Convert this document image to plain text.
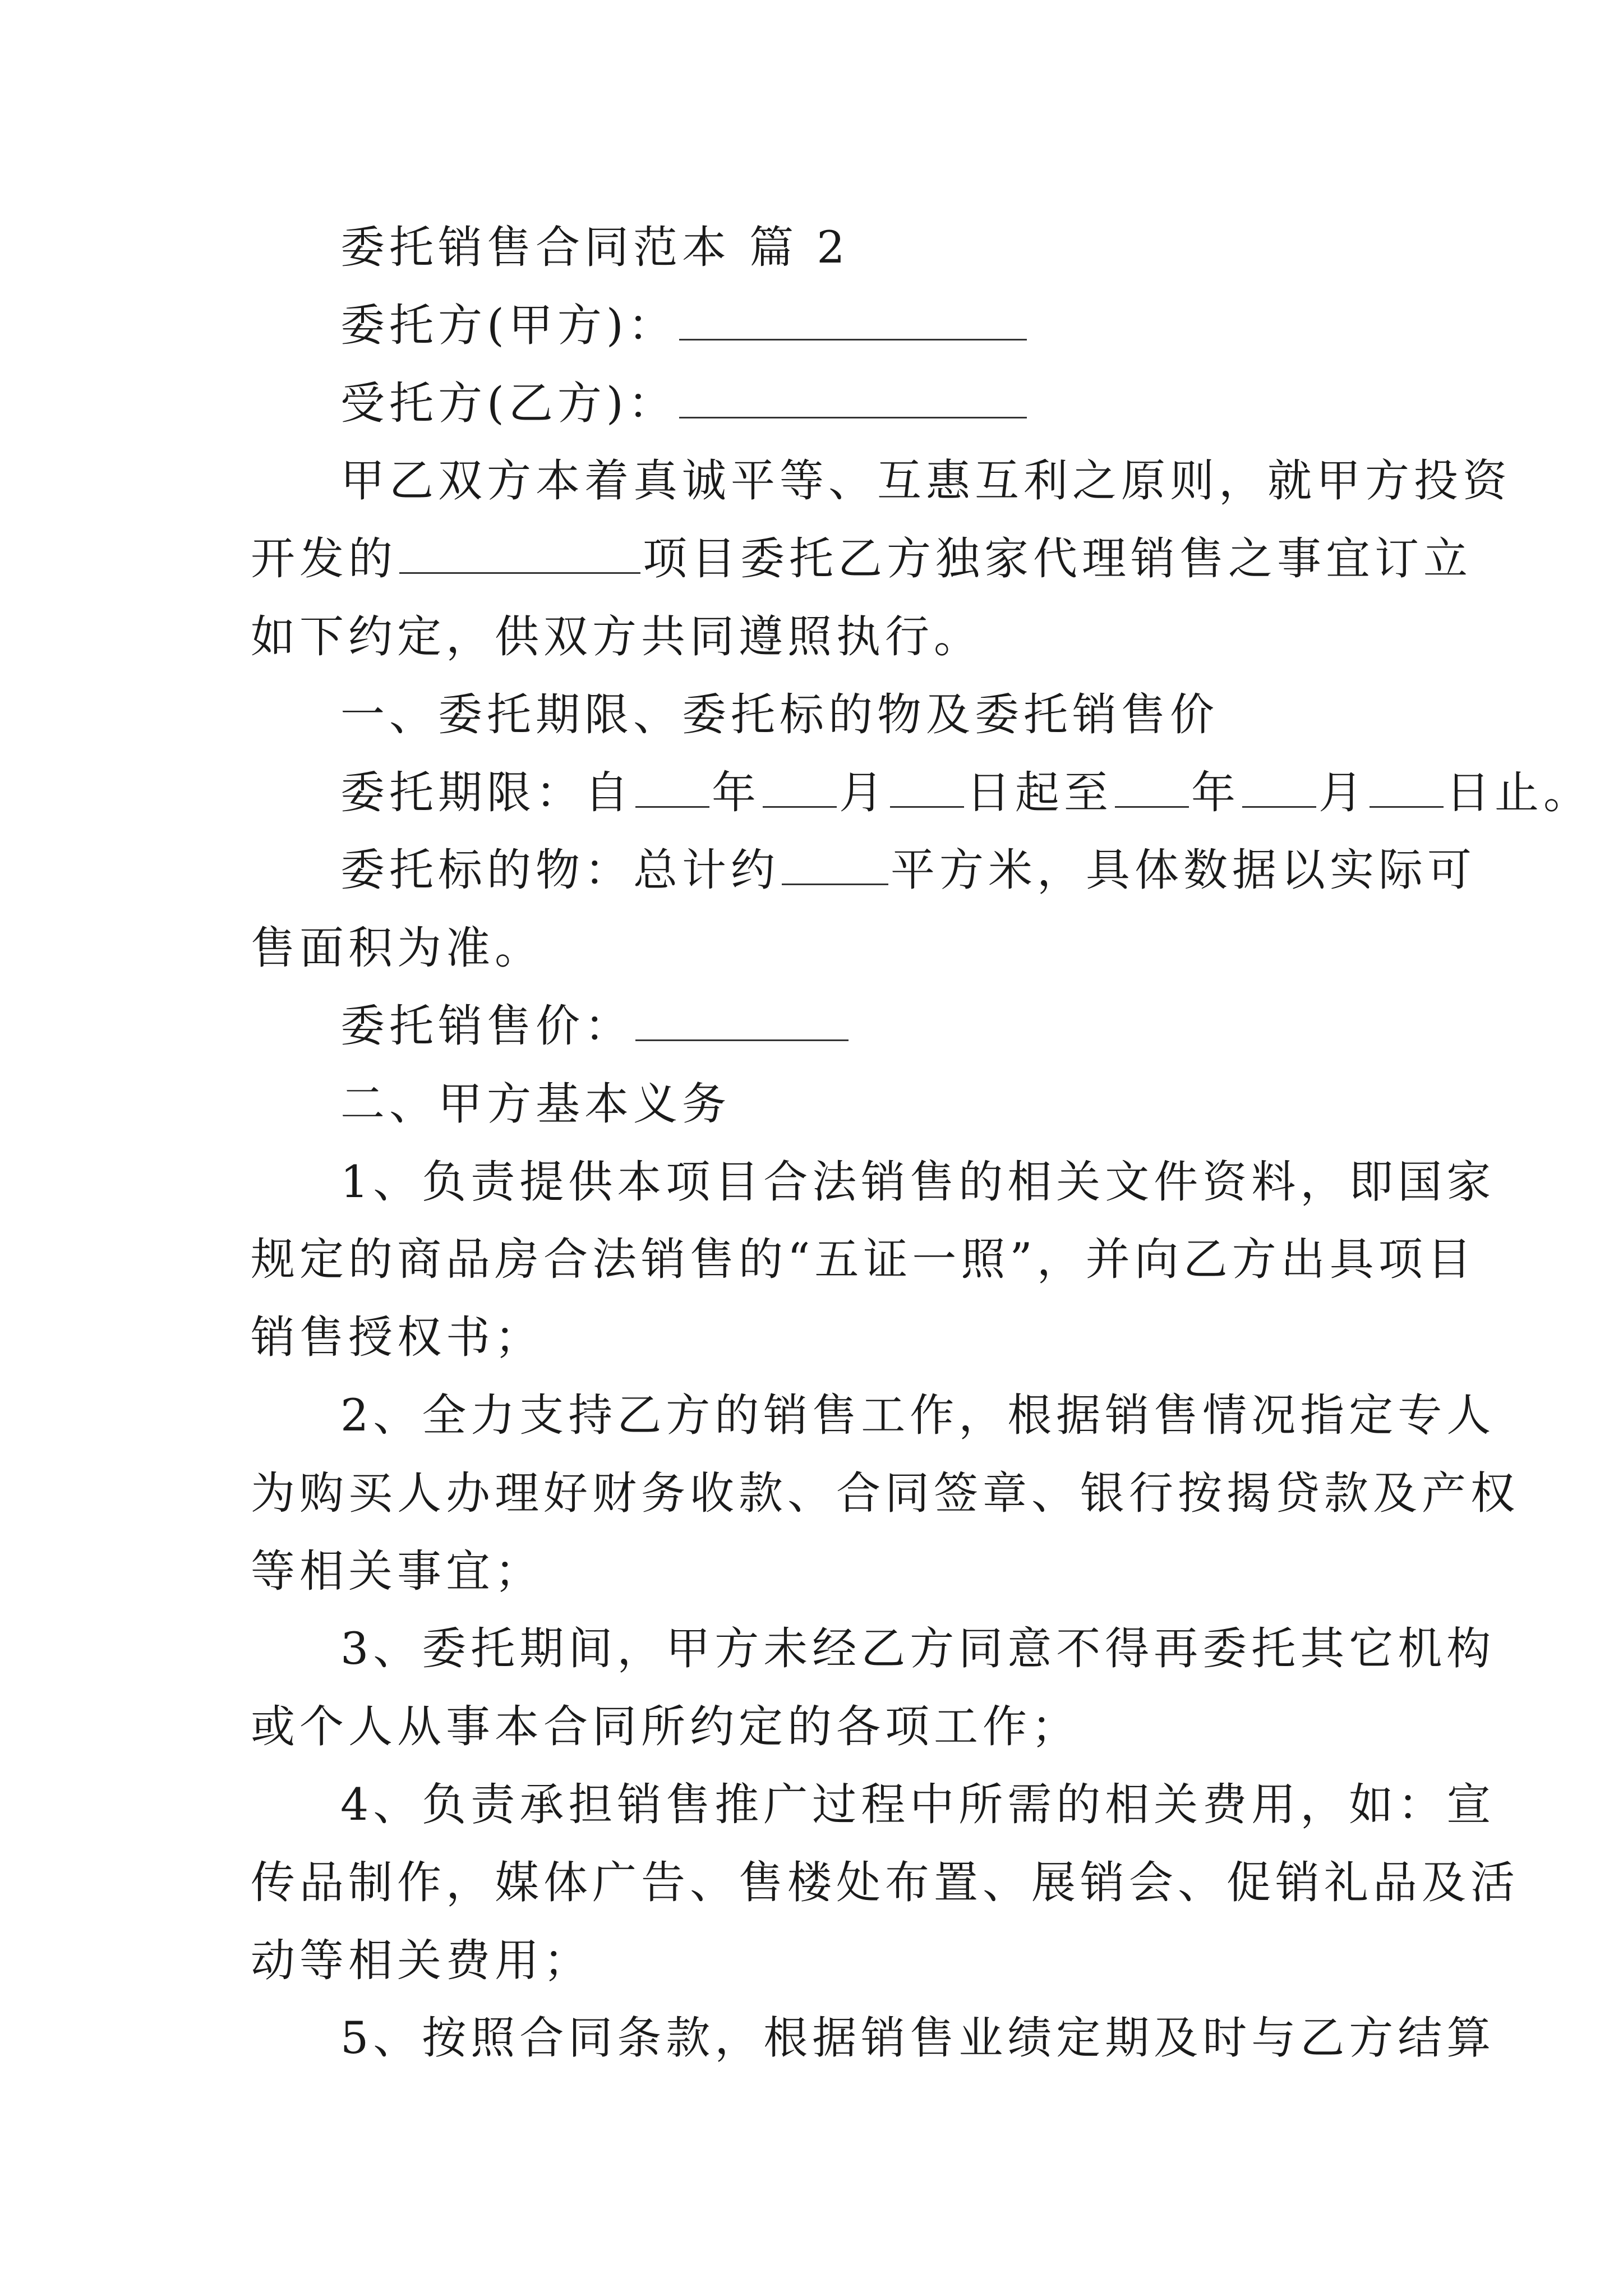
委托销售合同范本 篇 2
委托方(甲方)：
受托方(乙方)：
甲乙双方本着真诚平等、互惠互利之原则，就甲方投资
开发的	项目委托乙方独家代理销售之事宜订立
如下约定，供双方共同遵照执行。
一、委托期限、委托标的物及委托销售价
委托期限：自 年 月 日起至 年 月 日止。
委托标的物：总计约	平方米，具体数据以实际可
售面积为准。
委托销售价：
二、甲方基本义务
1、负责提供本项目合法销售的相关文件资料，即国家
规定的商品房合法销售的“五证一照”，并向乙方出具项目
销售授权书；
2、全力支持乙方的销售工作，根据销售情况指定专人
为购买人办理好财务收款、合同签章、银行按揭贷款及产权
等相关事宜；
3、委托期间，甲方未经乙方同意不得再委托其它机构
或个人从事本合同所约定的各项工作；
4、负责承担销售推广过程中所需的相关费用，如：宣
传品制作，媒体广告、售楼处布置、展销会、促销礼品及活
动等相关费用；
5、按照合同条款，根据销售业绩定期及时与乙方结算
